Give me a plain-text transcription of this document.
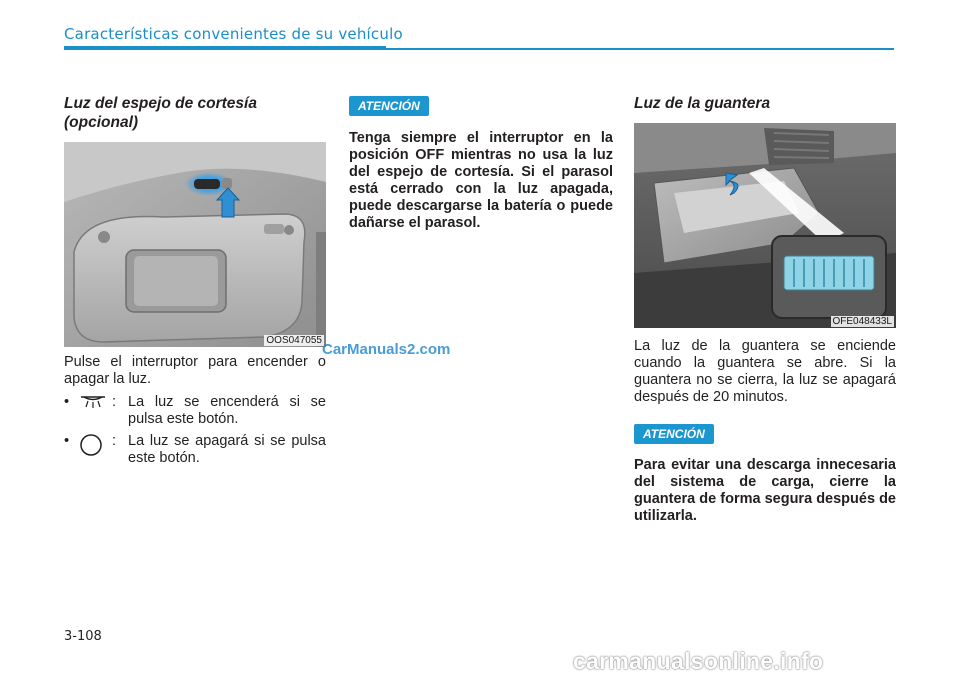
Características convenientes de su vehículo
Luz del espejo de cortesía (opcional)
OOS047055
Pulse el interruptor para encender o apagar la luz.
•	: La luz se encenderá si se pulsa este botón.
•	: La luz se apagará si se pulsa este botón.
ATENCIÓN
Tenga siempre el interruptor en la posición OFF mientras no usa la luz del espejo de cortesía. Si el parasol está cerrado con la luz apagada, puede descargarse la batería o puede dañarse el parasol.
CarManuals2.com
Luz de la guantera
OFE048433L
La luz de la guantera se enciende cuando la guantera se abre. Si la guantera no se cierra, la luz se apagará después de 20 minutos.
ATENCIÓN
Para evitar una descarga innecesaria del sistema de carga, cierre la guantera de forma segura después de utilizarla.
3-108
carmanualsonline.info
